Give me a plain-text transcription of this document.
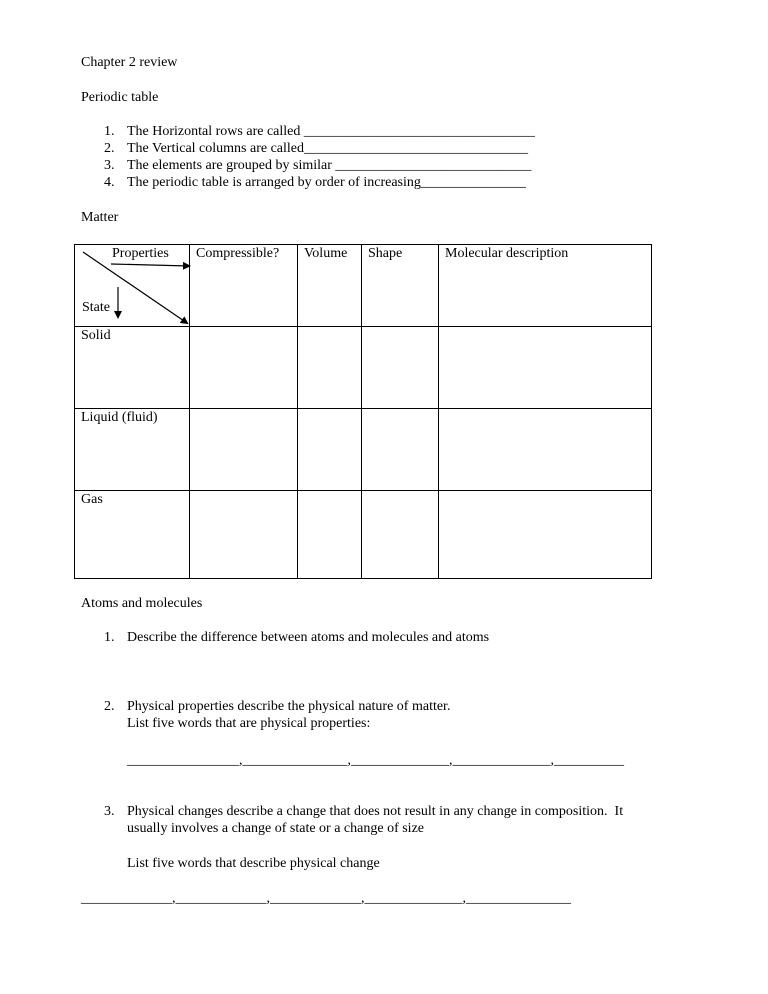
Chapter 2 review
Periodic table
1. The Horizontal rows are called _________________________________
2. The Vertical columns are called________________________________
3. The elements are grouped by similar ____________________________
4. The periodic table is arranged by order of increasing_______________
Matter
Properties
State	Compressible?	Volume	Shape	Molecular description
Solid				
Liquid (fluid)				
Gas				
Atoms and molecules
1. Describe the difference between atoms and molecules and atoms
2. Physical properties describe the physical nature of matter.
List five words that are physical properties:
________________,_______________,______________,______________,__________
3. Physical changes describe a change that does not result in any change in composition.  It
usually involves a change of state or a change of size
List five words that describe physical change
_____________,_____________,_____________,______________,_______________
